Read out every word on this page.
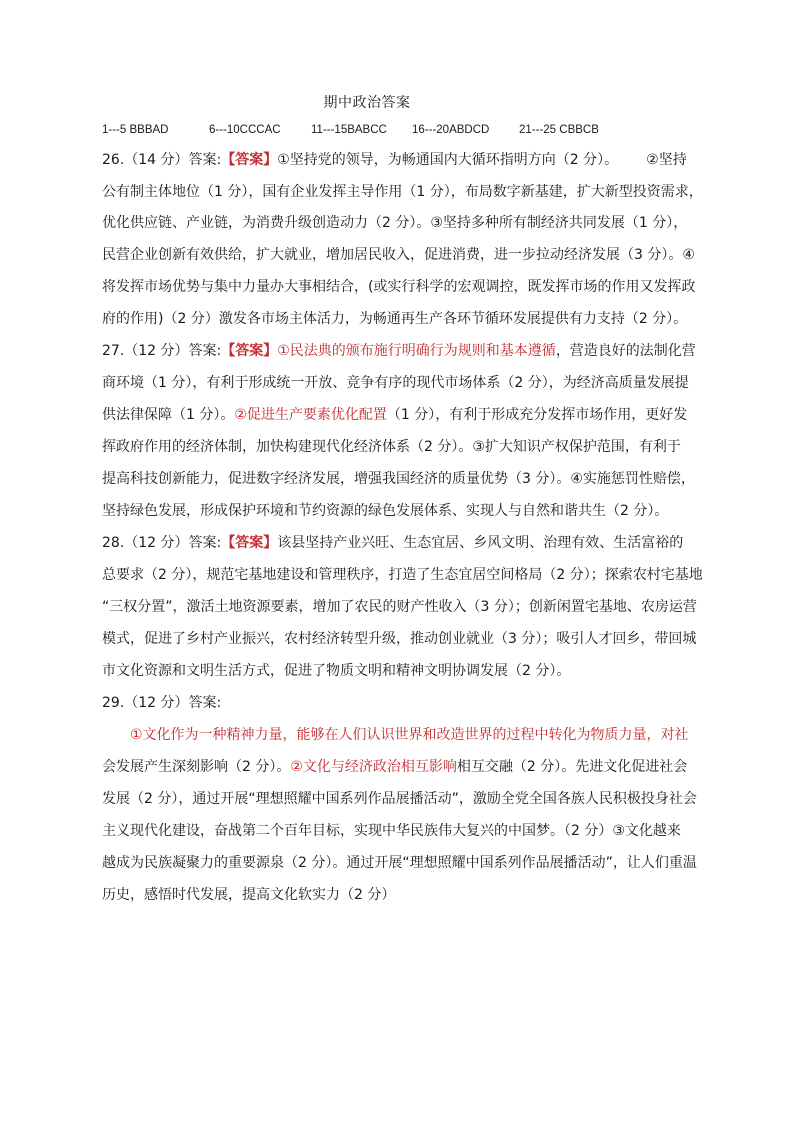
期中政治答案
1---5 BBBAD	6---10CCCAC	11---15BABCC 16---20ABDCD	21---25 CBBCB
26.（14 分）答案:【答案】①坚持党的领导，为畅通国内大循环指明方向（2 分）。 ②坚持
公有制主体地位（1 分），国有企业发挥主导作用（1 分），布局数字新基建，扩大新型投资需求，
优化供应链、产业链，为消费升级创造动力（2 分）。③坚持多种所有制经济共同发展（1 分），
民营企业创新有效供给，扩大就业，增加居民收入，促进消费，进一步拉动经济发展（3 分）。④
将发挥市场优势与集中力量办大事相结合，(或实行科学的宏观调控，既发挥市场的作用又发挥政
府的作用)（2 分）激发各市场主体活力，为畅通再生产各环节循环发展提供有力支持（2 分）。
27.（12 分）答案:【答案】①民法典的颁布施行明确行为规则和基本遵循，营造良好的法制化营
商环境（1 分），有利于形成统一开放、竞争有序的现代市场体系（2 分），为经济高质量发展提
供法律保障（1 分）。②促进生产要素优化配置（1 分），有利于形成充分发挥市场作用，更好发
挥政府作用的经济体制，加快构建现代化经济体系（2 分）。③扩大知识产权保护范围，有利于
提高科技创新能力，促进数字经济发展，增强我国经济的质量优势（3 分）。④实施惩罚性赔偿，
坚持绿色发展，形成保护环境和节约资源的绿色发展体系、实现人与自然和谐共生（2 分）。
28.（12 分）答案:【答案】该县坚持产业兴旺、生态宜居、乡风文明、治理有效、生活富裕的
总要求（2 分），规范宅基地建设和管理秩序，打造了生态宜居空间格局（2 分）；探索农村宅基地
“三权分置”，激活土地资源要素，增加了农民的财产性收入（3 分）；创新闲置宅基地、农房运营
模式，促进了乡村产业振兴，农村经济转型升级，推动创业就业（3 分）；吸引人才回乡，带回城
市文化资源和文明生活方式，促进了物质文明和精神文明协调发展（2 分）。
29.（12 分）答案:
①文化作为一种精神力量，能够在人们认识世界和改造世界的过程中转化为物质力量，对社
会发展产生深刻影响（2 分）。②文化与经济政治相互影响相互交融（2 分）。先进文化促进社会
发展（2 分），通过开展“理想照耀中国系列作品展播活动”，激励全党全国各族人民积极投身社会
主义现代化建设，奋战第二个百年目标，实现中华民族伟大复兴的中国梦。（2 分）③文化越来
越成为民族凝聚力的重要源泉（2 分）。通过开展“理想照耀中国系列作品展播活动”，让人们重温
历史，感悟时代发展，提高文化软实力（2 分）
